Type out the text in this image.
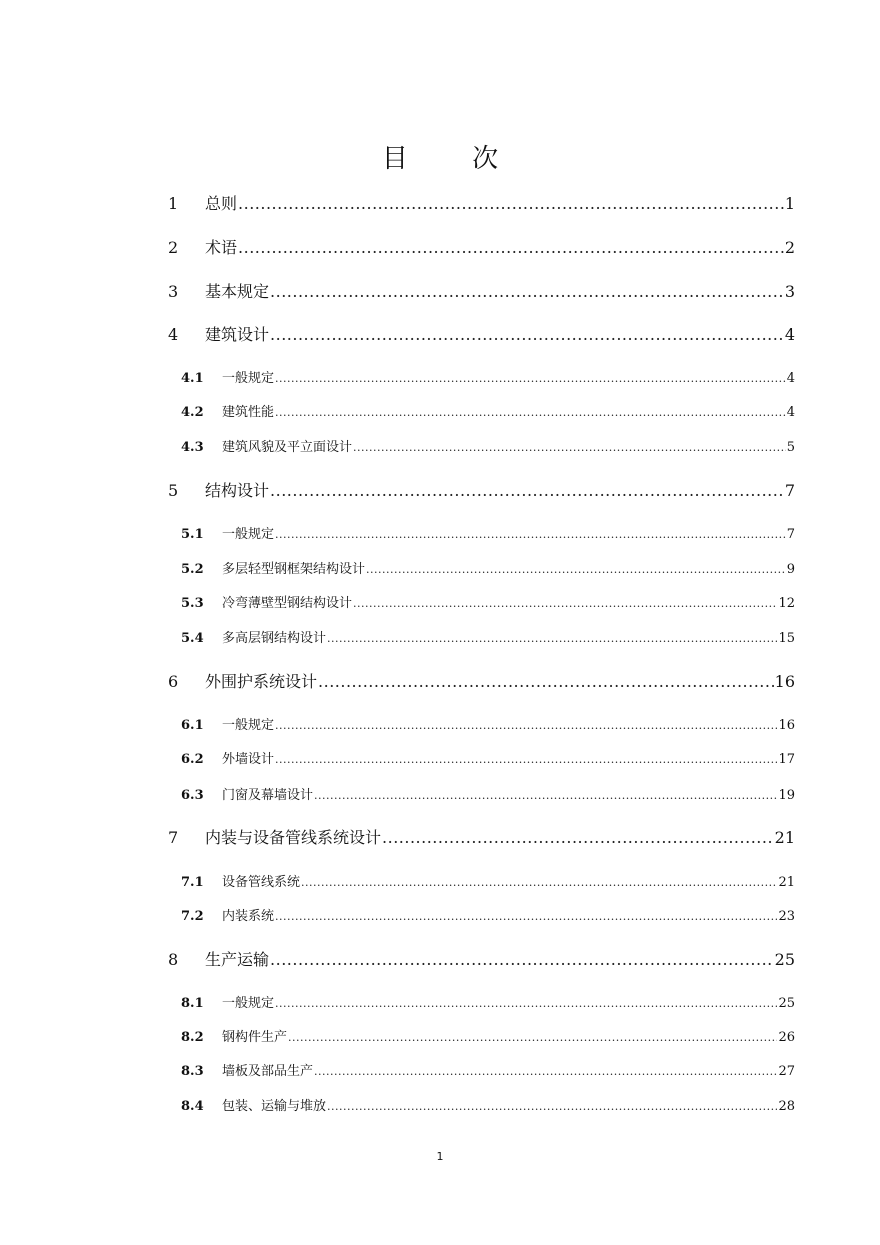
目 次
1	总则 .....	1
2	术语 .....	2
3	基本规定 .....	3
4	建筑设计 .....	4
4.1	一般规定 .....	4
4.2	建筑性能 .....	4
4.3	建筑风貌及平立面设计 .....	5
5	结构设计 .....	7
5.1	一般规定 .....	7
5.2	多层轻型钢框架结构设计 .....	9
5.3	冷弯薄壁型钢结构设计 .....	12
5.4	多高层钢结构设计 .....	15
6	外围护系统设计 .....	16
6.1	一般规定 .....	16
6.2	外墙设计 .....	17
6.3	门窗及幕墙设计 .....	19
7	内装与设备管线系统设计 .....	21
7.1	设备管线系统 .....	21
7.2	内装系统 .....	23
8	生产运输 .....	25
8.1	一般规定 .....	25
8.2	钢构件生产 .....	26
8.3	墙板及部品生产 .....	27
8.4	包装、运输与堆放 .....	28
1
